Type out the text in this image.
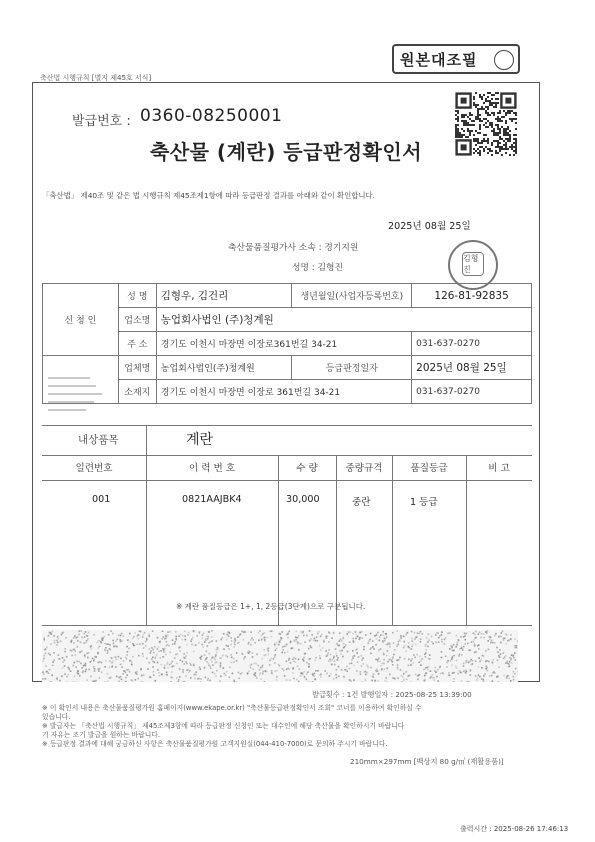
원본대조필
축산법 시행규칙 [별지 제45호 서식]
발급번호 : 0360-08250001
축산물 (계란) 등급판정확인서
「축산법」 제40조 및 같은 법 시행규칙 제45조제1항에 따라 등급판정 결과를 아래와 같이 확인합니다.
2025년 08월 25일
축산물품질평가사 소속 : 경기지원
성명 : 김형진
김형진
신 청 인	성 명	김형우, 김건리	생년월일(사업자등록번호)	126-81-92835
	업소명	농업회사법인 (주)청계원		
	주 소	경기도 이천시 마장면 이장로361번길 34-21		031-637-0270
	업체명	농업회사법인(주)청계원	등급판정일자	2025년 08월 25일
	소재지	경기도 이천시 마장면 이장로 361번길 34-21		031-637-0270
내상품목	계란
일련번호	이 력 번 호	수 량	중량규격	품질등급	비 고
001	0821AAJBK4	30,000	중란	1 등급
※ 계란 품질등급은 1+, 1, 2등급(3단계)으로 구분됩니다.
발급횟수 : 1건 발행일자 : 2025-08-25 13:39:00
※ 이 확인서 내용은 축산물품질평가원 홈페이지(www.ekape.or.kr) "축산물등급판정확인서 조회" 코너를 이용하여 확인하실 수
있습니다.
※ 발급자는 「축산법 시행규칙」 제45조제3항에 따라 등급판정 신청인 또는 대수인에 해당 축산물을 확인하시기 바랍니다
기 자유는 조기 발급을 원하는 바랍니다.
※ 등급판정 결과에 대해 궁금하신 사항은 축산물품질평가원 고객지원실(044-410-7000)로 문의하 주시기 바랍니다.
210mm×297mm [백상지 80 g/㎡ (재활용품)]
출력시간 : 2025-08-26 17:46:13
